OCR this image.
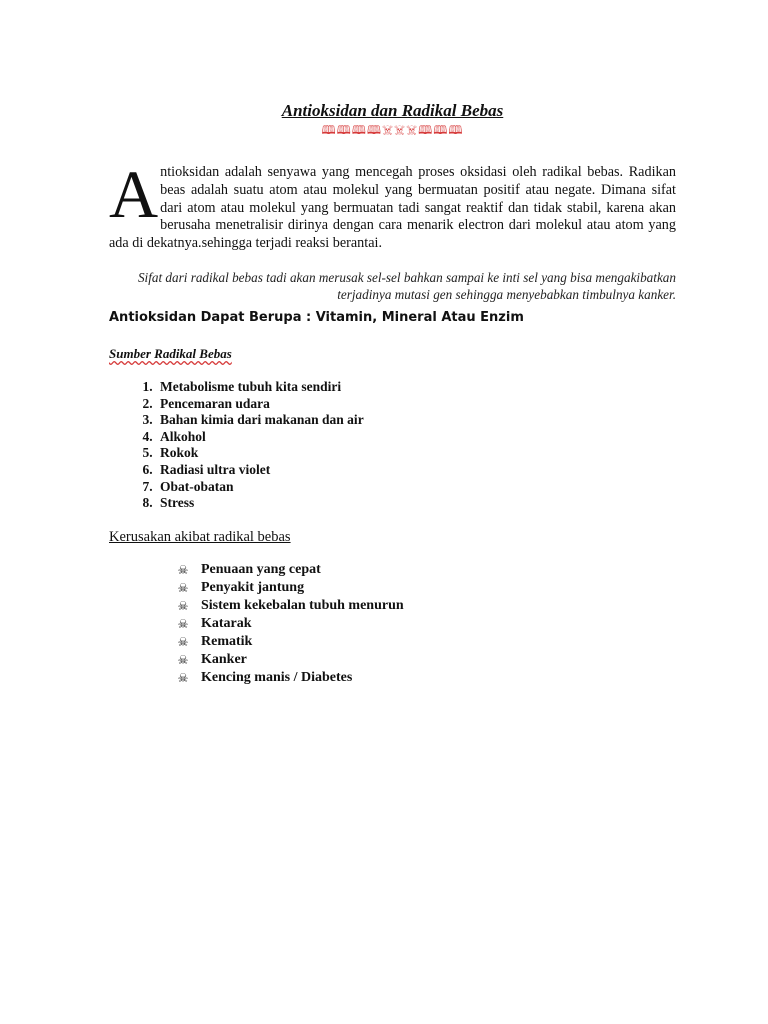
Antioksidan dan Radikal Bebas
🕮🕮🕮🕮☠☠☠🕮🕮🕮
A ntioksidan adalah senyawa yang mencegah proses oksidasi oleh radikal bebas. Radikan beas adalah suatu atom atau molekul yang bermuatan positif atau negate. Dimana sifat dari atom atau molekul yang bermuatan tadi sangat reaktif dan tidak stabil, karena akan berusaha menetralisir dirinya dengan cara menarik electron dari molekul atau atom yang ada di dekatnya.sehingga terjadi reaksi berantai.
Sifat dari radikal bebas tadi akan merusak sel-sel bahkan sampai ke inti sel yang bisa mengakibatkan terjadinya mutasi gen sehingga menyebabkan timbulnya kanker.
Antioksidan Dapat Berupa : Vitamin, Mineral Atau Enzim
Sumber Radikal Bebas
1. Metabolisme tubuh kita sendiri
2. Pencemaran udara
3. Bahan kimia dari makanan dan air
4. Alkohol
5. Rokok
6. Radiasi ultra violet
7. Obat-obatan
8. Stress
Kerusakan akibat radikal bebas
☠ Penuaan yang cepat
☠ Penyakit jantung
☠ Sistem kekebalan tubuh menurun
☠ Katarak
☠ Rematik
☠ Kanker
☠ Kencing manis / Diabetes
